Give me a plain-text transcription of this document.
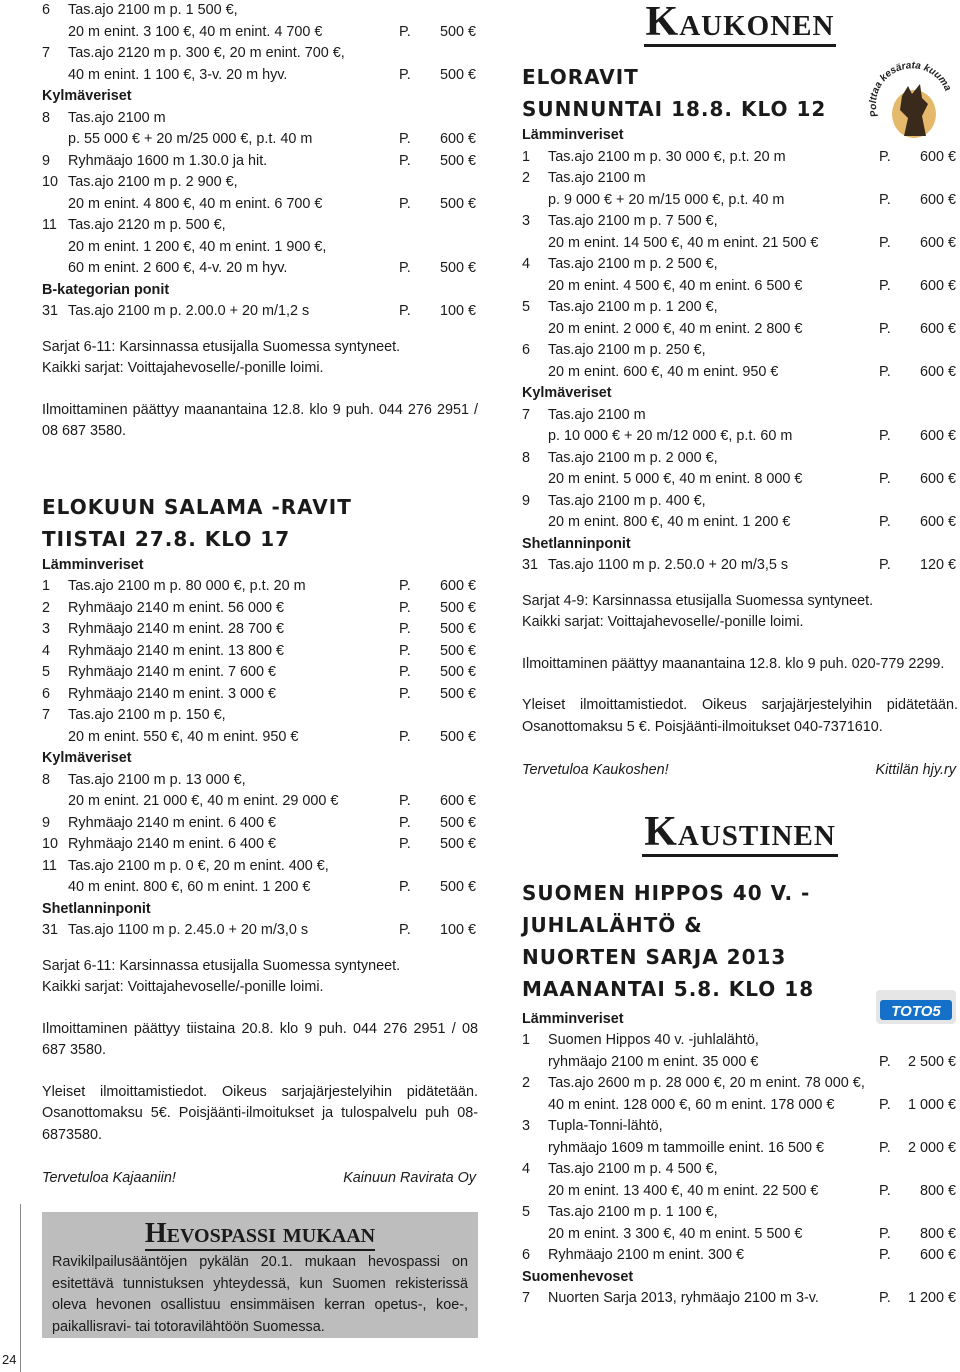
6 Tas.ajo 2100 m p. 1 500 €,
20 m enint. 3 100 €, 40 m enint. 4 700 €	P. 500 €
7 Tas.ajo 2120 m p. 300 €, 20 m enint. 700 €,
40 m enint. 1 100 €, 3-v. 20 m hyv.	P. 500 €
Kylmäveriset
8 Tas.ajo 2100 m
p. 55 000 € + 20 m/25 000 €, p.t. 40 m	P. 600 €
9 Ryhmäajo 1600 m 1.30.0 ja hit.	P. 500 €
10 Tas.ajo 2100 m p. 2 900 €,
20 m enint. 4 800 €, 40 m enint. 6 700 €	P. 500 €
11 Tas.ajo 2120 m p. 500 €,
20 m enint. 1 200 €, 40 m enint. 1 900 €,
60 m enint. 2 600 €, 4-v. 20 m hyv.	P. 500 €
B-kategorian ponit
31 Tas.ajo 2100 m p. 2.00.0 + 20 m/1,2 s	P. 100 €
Sarjat 6-11: Karsinnassa etusijalla Suomessa syntyneet.
Kaikki sarjat: Voittajahevoselle/-ponille loimi.
Ilmoittaminen päättyy maanantaina 12.8. klo 9 puh. 044 276 2951 / 08 687 3580.
ELOKUUN SALAMA -RAVIT
TIISTAI 27.8. KLO 17
Lämminveriset
1 Tas.ajo 2100 m p. 80 000 €, p.t. 20 m	P. 600 €
2 Ryhmäajo 2140 m enint. 56 000 €	P. 500 €
3 Ryhmäajo 2140 m enint. 28 700 €	P. 500 €
4 Ryhmäajo 2140 m enint. 13 800 €	P. 500 €
5 Ryhmäajo 2140 m enint. 7 600 €	P. 500 €
6 Ryhmäajo 2140 m enint. 3 000 €	P. 500 €
7 Tas.ajo 2100 m p. 150 €,
20 m enint. 550 €, 40 m enint. 950 €	P. 500 €
Kylmäveriset
8 Tas.ajo 2100 m p. 13 000 €,
20 m enint. 21 000 €, 40 m enint. 29 000 €	P. 600 €
9 Ryhmäajo 2140 m enint. 6 400 €	P. 500 €
10 Ryhmäajo 2140 m enint. 6 400 €	P. 500 €
11 Tas.ajo 2100 m p. 0 €, 20 m enint. 400 €,
40 m enint. 800 €, 60 m enint. 1 200 €	P. 500 €
Shetlanninponit
31 Tas.ajo 1100 m p. 2.45.0 + 20 m/3,0 s	P. 100 €
Sarjat 6-11: Karsinnassa etusijalla Suomessa syntyneet.
Kaikki sarjat: Voittajahevoselle/-ponille loimi.
Ilmoittaminen päättyy tiistaina 20.8. klo 9 puh. 044 276 2951 / 08 687 3580.
Yleiset ilmoittamistiedot. Oikeus sarjajärjestelyihin pidätetään. Osanottomaksu 5€. Poisjäänti-ilmoitukset ja tulospalvelu puh 08-6873580.
Tervetuloa Kajaaniin!	Kainuun Ravirata Oy
Hevospassi mukaan
Ravikilpailusääntöjen pykälän 20.1. mukaan hevospassi on esitettävä tunnistuksen yhteydessä, kun Suomen rekisterissä oleva hevonen osallistuu ensimmäisen kerran opetus-, koe-, paikallisravi- tai totoravilähtöön Suomessa.
24
Kaukonen
ELORAVIT
SUNNUNTAI 18.8. KLO 12
Lämminveriset
1 Tas.ajo 2100 m p. 30 000 €, p.t. 20 m	P. 600 €
2 Tas.ajo 2100 m
p. 9 000 € + 20 m/15 000 €, p.t. 40 m	P. 600 €
3 Tas.ajo 2100 m p. 7 500 €,
20 m enint. 14 500 €, 40 m enint. 21 500 €	P. 600 €
4 Tas.ajo 2100 m p. 2 500 €,
20 m enint. 4 500 €, 40 m enint. 6 500 €	P. 600 €
5 Tas.ajo 2100 m p. 1 200 €,
20 m enint. 2 000 €, 40 m enint. 2 800 €	P. 600 €
6 Tas.ajo 2100 m p. 250 €,
20 m enint. 600 €, 40 m enint. 950 €	P. 600 €
Kylmäveriset
7 Tas.ajo 2100 m
p. 10 000 € + 20 m/12 000 €, p.t. 60 m	P. 600 €
8 Tas.ajo 2100 m p. 2 000 €,
20 m enint. 5 000 €, 40 m enint. 8 000 €	P. 600 €
9 Tas.ajo 2100 m p. 400 €,
20 m enint. 800 €, 40 m enint. 1 200 €	P. 600 €
Shetlanninponit
31 Tas.ajo 1100 m p. 2.50.0 + 20 m/3,5 s	P. 120 €
Sarjat 4-9: Karsinnassa etusijalla Suomessa syntyneet.
Kaikki sarjat: Voittajahevoselle/-ponille loimi.
Ilmoittaminen päättyy maanantaina 12.8. klo 9 puh. 020-779 2299.
Yleiset ilmoittamistiedot. Oikeus sarjajärjestelyihin pidätetään. Osanottomaksu 5 €. Poisjäänti-ilmoitukset 040-7371610.
Tervetuloa Kaukoshen!	Kittilän hjy.ry
Kaustinen
SUOMEN HIPPOS 40 V. -JUHLALÄHTÖ &
NUORTEN SARJA 2013
MAANANTAI 5.8. KLO 18
Lämminveriset
1 Suomen Hippos 40 v. -juhlalähtö,
ryhmäajo 2100 m enint. 35 000 €	P. 2 500 €
2 Tas.ajo 2600 m p. 28 000 €, 20 m enint. 78 000 €,
40 m enint. 128 000 €, 60 m enint. 178 000 €	P. 1 000 €
3 Tupla-Tonni-lähtö,
ryhmäajo 1609 m tammoille enint. 16 500 €	P. 2 000 €
4 Tas.ajo 2100 m p. 4 500 €,
20 m enint. 13 400 €, 40 m enint. 22 500 €	P. 800 €
5 Tas.ajo 2100 m p. 1 100 €,
20 m enint. 3 300 €, 40 m enint. 5 500 €	P. 800 €
6 Ryhmäajo 2100 m enint. 300 €	P. 600 €
Suomenhevoset
7 Nuorten Sarja 2013, ryhmäajo 2100 m 3-v.	P. 1 200 €
Polttaa kesärata kuuma
TOTO5
